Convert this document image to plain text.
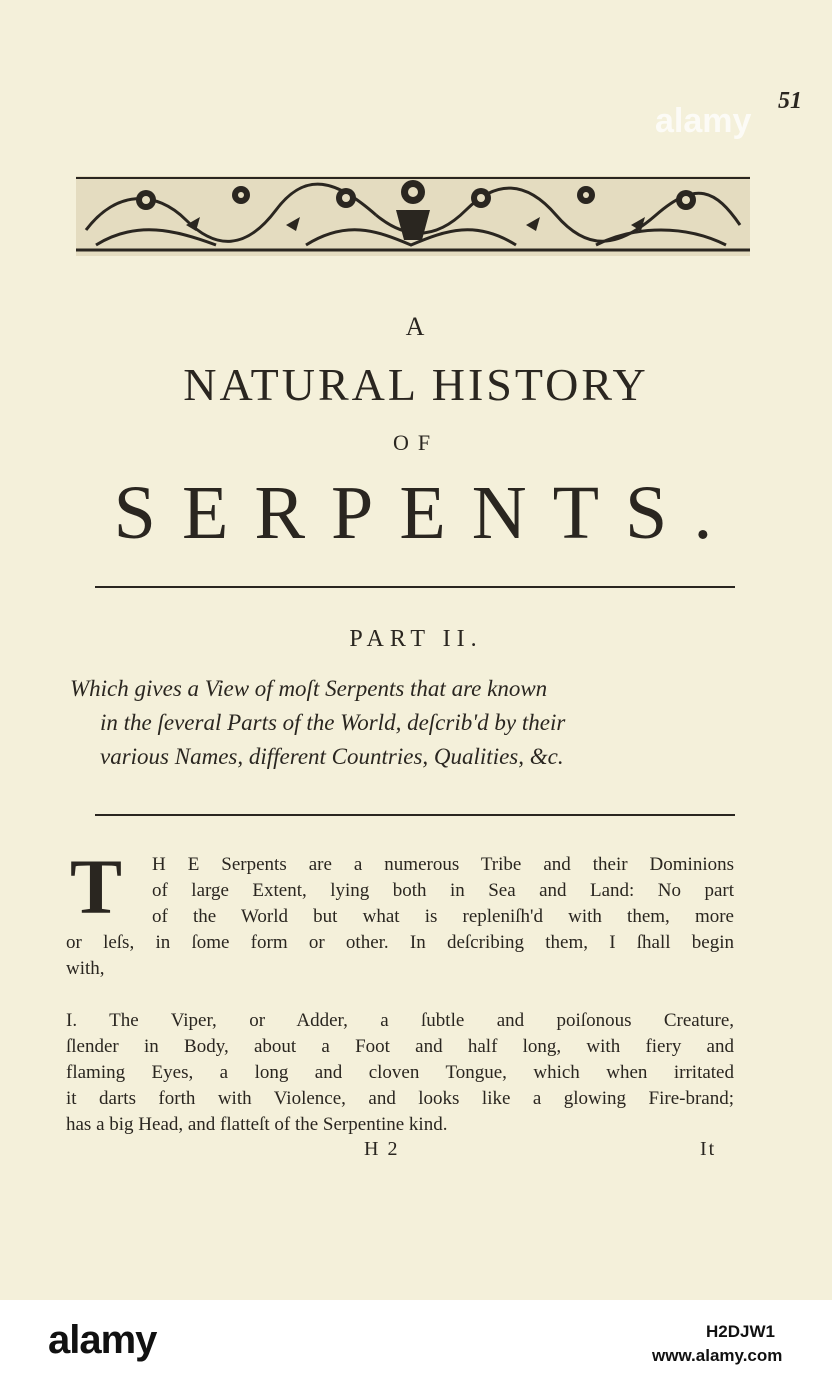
51
alamy
A
NATURAL HISTORY
OF
SERPENTS.
PART II.
Which gives a View of moſt Serpents that are known
in the ſeveral Parts of the World, deſcrib'd by their
various Names, different Countries, Qualities, &c.
T H E Serpents are a numerous Tribe and their Dominions
of large Extent, lying both in Sea and Land: No part
of the World but what is repleniſh'd with them, more
or leſs, in ſome form or other. In deſcribing them, I ſhall begin
with,
I. The Viper, or Adder, a ſubtle and poiſonous Creature,
ſlender in Body, about a Foot and half long, with fiery and
flaming Eyes, a long and cloven Tongue, which when irritated
it darts forth with Violence, and looks like a glowing Fire-brand;
has a big Head, and flatteſt of the Serpentine kind.
H 2	It
alamy	H2DJW1
www.alamy.com
